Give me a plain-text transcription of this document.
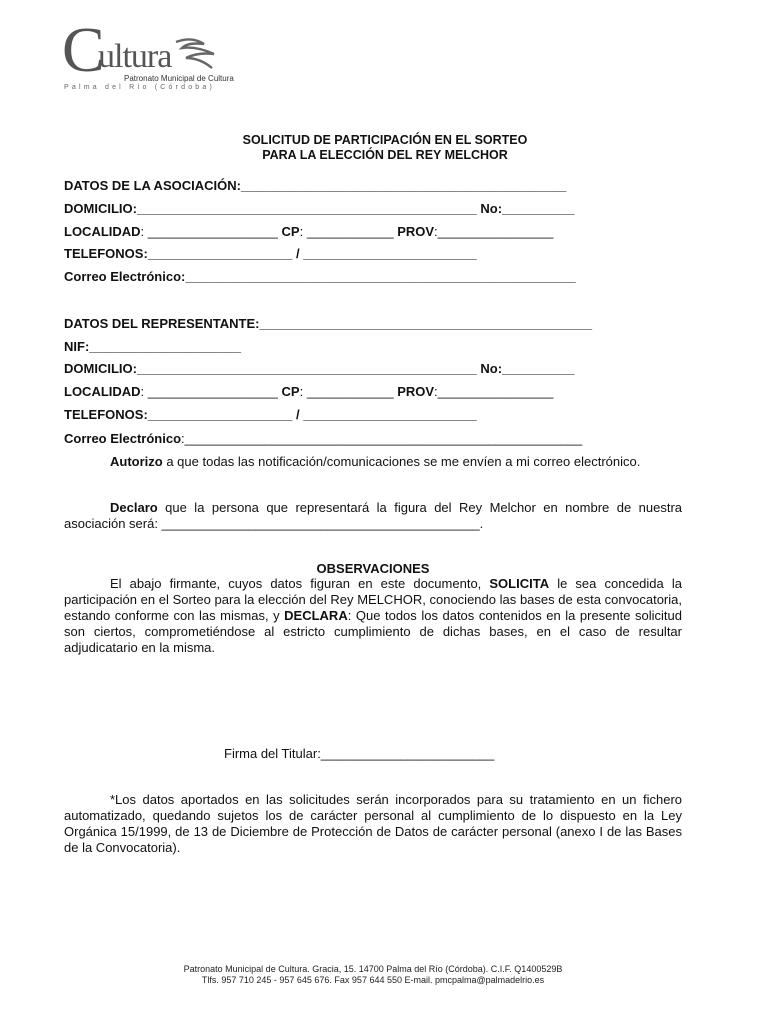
C
ultura
Patronato Municipal de Cultura
Palma del Río (Córdoba)
SOLICITUD DE PARTICIPACIÓN EN EL SORTEO
PARA LA ELECCIÓN DEL REY MELCHOR
DATOS DE LA ASOCIACIÓN:_____________________________________________
DOMICILIO:_______________________________________________ No:__________
LOCALIDAD: __________________ CP: ____________ PROV:________________
TELEFONOS:____________________ / ________________________
Correo Electrónico:______________________________________________________
DATOS DEL REPRESENTANTE:______________________________________________
NIF:_____________________
DOMICILIO:_______________________________________________ No:__________
LOCALIDAD: __________________ CP: ____________ PROV:________________
TELEFONOS:____________________ / ________________________
Correo Electrónico:_______________________________________________________
Autorizo a que todas las notificación/comunicaciones se me envíen a mi correo electrónico.
Declaro que la persona que representará la figura del Rey Melchor en nombre de nuestra asociación será: ____________________________________________.
OBSERVACIONES
El abajo firmante, cuyos datos figuran en este documento, SOLICITA le sea concedida la participación en el Sorteo para la elección del Rey MELCHOR, conociendo las bases de esta convocatoria, estando conforme con las mismas, y DECLARA: Que todos los datos contenidos en la presente solicitud son ciertos, comprometiéndose al estricto cumplimiento de dichas bases, en el caso de resultar adjudicatario en la misma.
Firma del Titular:________________________
*Los datos aportados en las solicitudes serán incorporados para su tratamiento en un fichero automatizado, quedando sujetos los de carácter personal al cumplimiento de lo dispuesto en la Ley Orgánica 15/1999, de 13 de Diciembre de Protección de Datos de carácter personal (anexo I de las Bases de la Convocatoria).
Patronato Municipal de Cultura. Gracia, 15. 14700 Palma del Río (Córdoba). C.I.F. Q1400529B
Tlfs. 957 710 245 - 957 645 676. Fax 957 644 550 E-mail. pmcpalma@palmadelrio.es
